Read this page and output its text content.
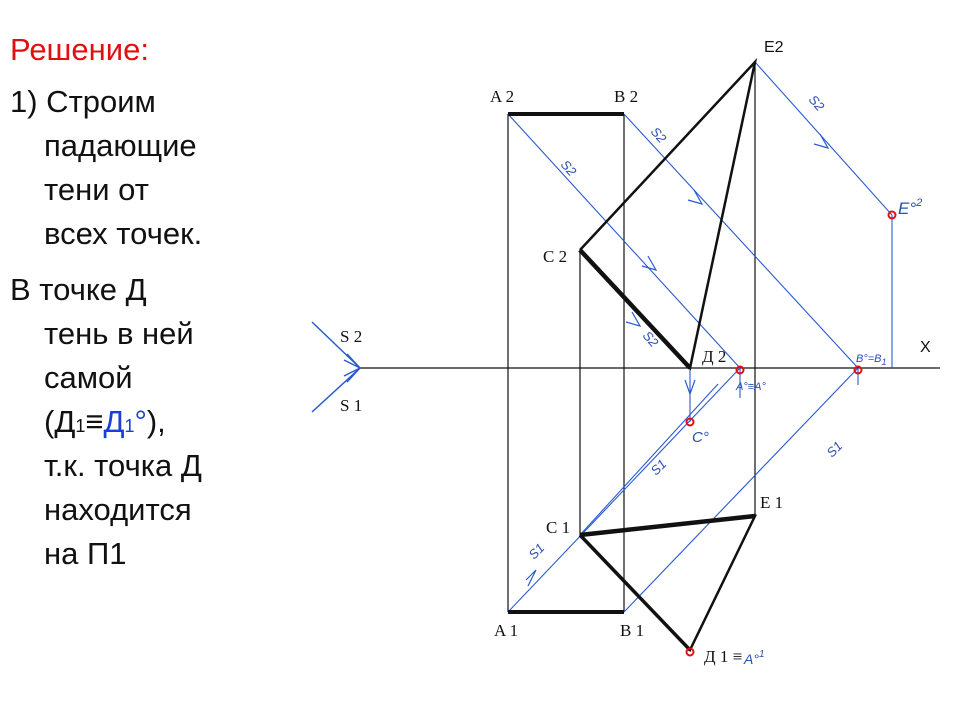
Решение:
1) Строим
падающие
тени от
всех точек.
В точке Д
тень в ней
самой
(Д1≡Д1°),
т.к. точка Д
находится
на П1
E2
X
A 2	B 2
C 2
Д 2
S 2
S 1
A 1	B 1
C 1
E 1
Д 1 ≡
S2
S2
S2
S2
S1
S1
S1
E°$^2$
$B^\circ=B_1$
A°≡A°
C°
A°$^1$
